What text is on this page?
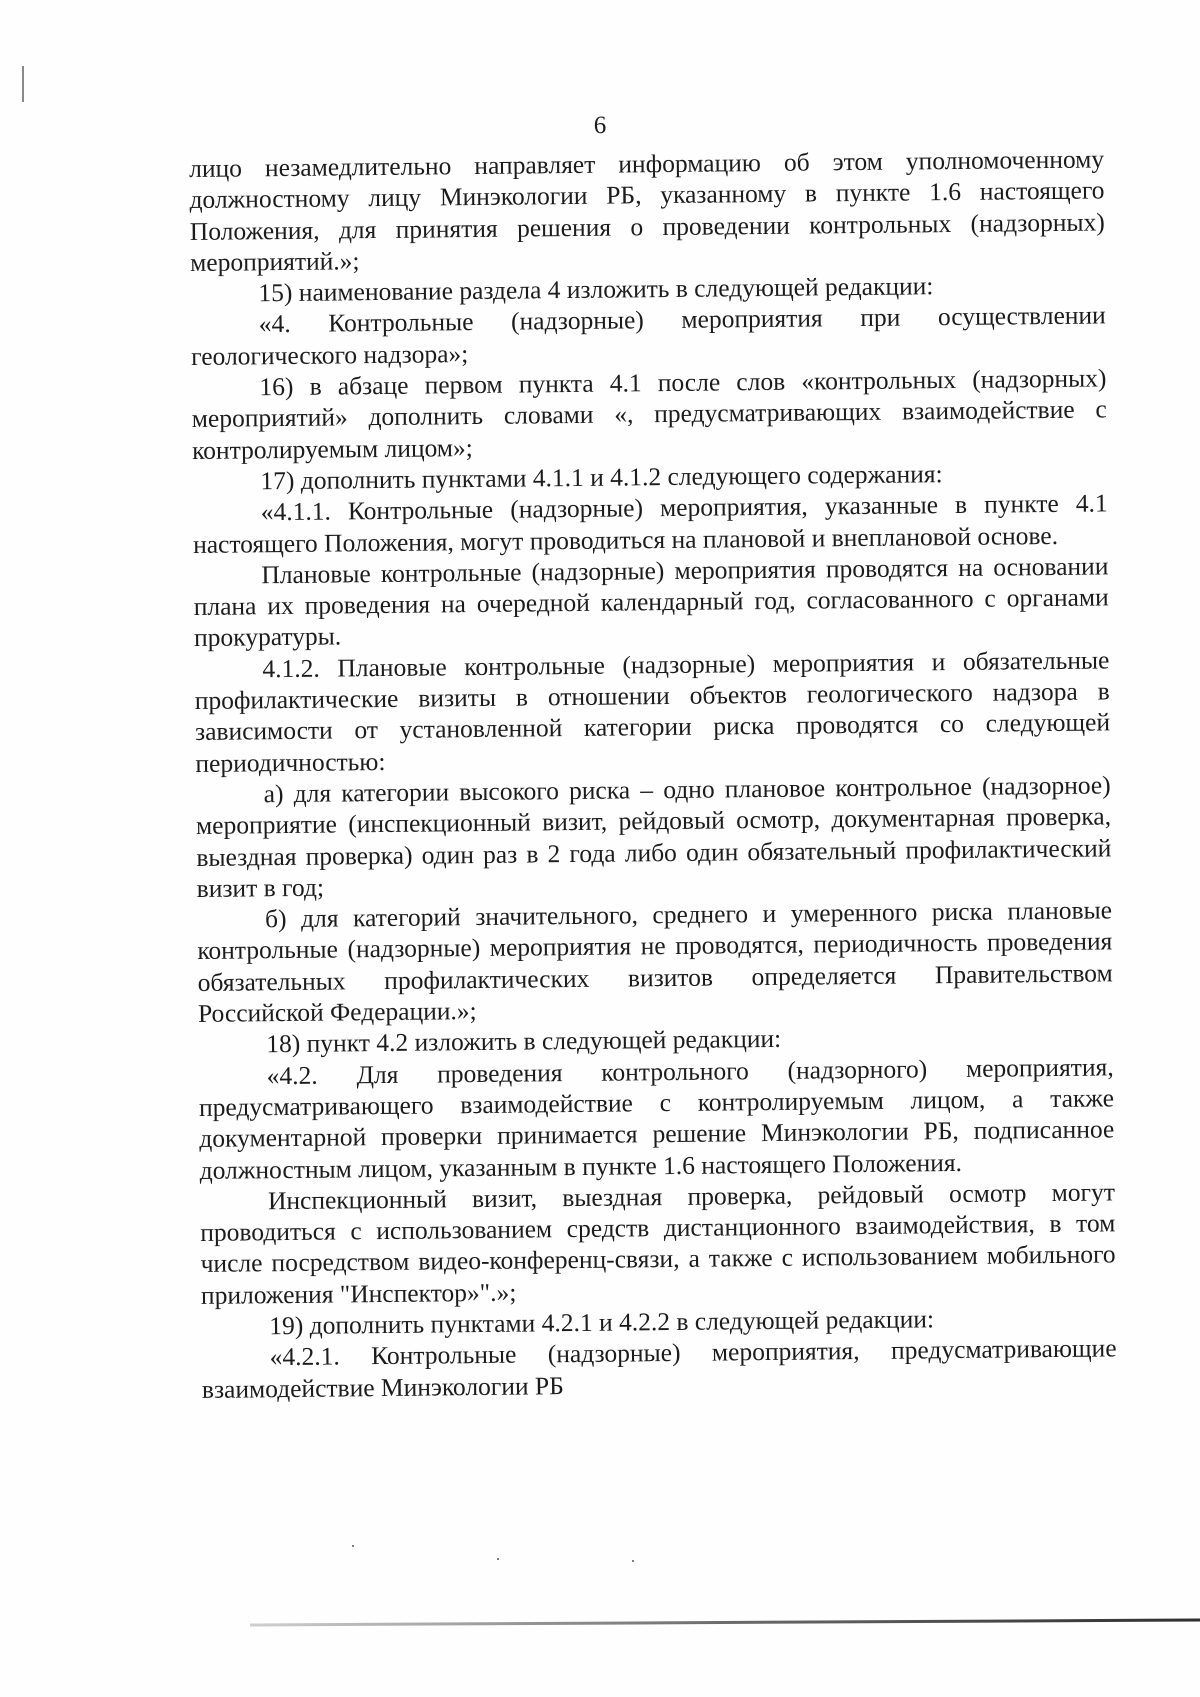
6

лицо незамедлительно направляет информацию об этом уполномоченному должностному лицу Минэкологии РБ, указанному в пункте 1.6 настоящего Положения, для принятия решения о проведении контрольных (надзорных) мероприятий.»;

15) наименование раздела 4 изложить в следующей редакции:

«4. Контрольные (надзорные) мероприятия при осуществлении геологического надзора»;

16) в абзаце первом пункта 4.1 после слов «контрольных (надзорных) мероприятий» дополнить словами «, предусматривающих взаимодействие с контролируемым лицом»;

17) дополнить пунктами 4.1.1 и 4.1.2 следующего содержания:

«4.1.1. Контрольные (надзорные) мероприятия, указанные в пункте 4.1 настоящего Положения, могут проводиться на плановой и внеплановой основе.

Плановые контрольные (надзорные) мероприятия проводятся на основании плана их проведения на очередной календарный год, согласованного с органами прокуратуры.

4.1.2. Плановые контрольные (надзорные) мероприятия и обязательные профилактические визиты в отношении объектов геологического надзора в зависимости от установленной категории риска проводятся со следующей периодичностью:

а) для категории высокого риска – одно плановое контрольное (надзорное) мероприятие (инспекционный визит, рейдовый осмотр, документарная проверка, выездная проверка) один раз в 2 года либо один обязательный профилактический визит в год;

б) для категорий значительного, среднего и умеренного риска плановые контрольные (надзорные) мероприятия не проводятся, периодичность проведения обязательных профилактических визитов определяется Правительством Российской Федерации.»;

18) пункт 4.2 изложить в следующей редакции:

«4.2. Для проведения контрольного (надзорного) мероприятия, предусматривающего взаимодействие с контролируемым лицом, а также документарной проверки принимается решение Минэкологии РБ, подписанное должностным лицом, указанным в пункте 1.6 настоящего Положения.

Инспекционный визит, выездная проверка, рейдовый осмотр могут проводиться с использованием средств дистанционного взаимодействия, в том числе посредством видео-конференц-связи, а также с использованием мобильного приложения "Инспектор»".»;

19) дополнить пунктами 4.2.1 и 4.2.2 в следующей редакции:

«4.2.1. Контрольные (надзорные) мероприятия, предусматривающие взаимодействие Минэкологии РБ
